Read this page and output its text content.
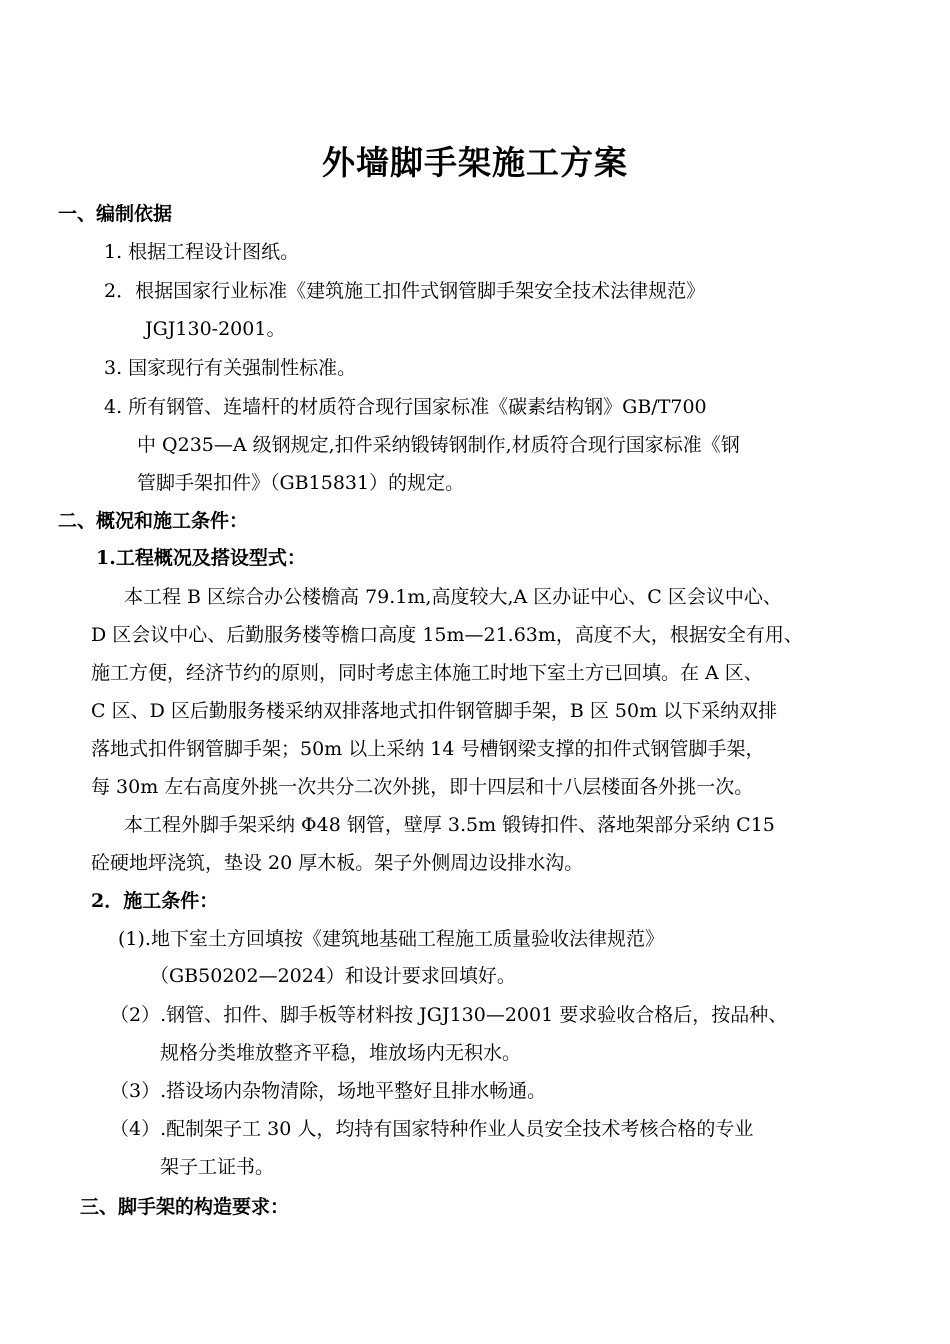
外墙脚手架施工方案
一、编制依据
1. 根据工程设计图纸。
2．根据国家行业标准《建筑施工扣件式钢管脚手架安全技术法律规范》
JGJ130-2001。
3. 国家现行有关强制性标准。
4. 所有钢管、连墙杆的材质符合现行国家标准《碳素结构钢》GB/T700
中 Q235—A 级钢规定,扣件采纳锻铸钢制作,材质符合现行国家标准《钢
管脚手架扣件》（GB15831）的规定。
二、概况和施工条件：
1.工程概况及搭设型式：
本工程 B 区综合办公楼檐高 79.1m,高度较大,A 区办证中心、C 区会议中心、
D 区会议中心、后勤服务楼等檐口高度 15m—21.63m，高度不大，根据安全有用、
施工方便，经济节约的原则，同时考虑主体施工时地下室土方已回填。在 A 区、
C 区、D 区后勤服务楼采纳双排落地式扣件钢管脚手架，B 区 50m 以下采纳双排
落地式扣件钢管脚手架；50m 以上采纳 14 号槽钢梁支撑的扣件式钢管脚手架，
每 30m 左右高度外挑一次共分二次外挑，即十四层和十八层楼面各外挑一次。
本工程外脚手架采纳 Φ48 钢管，壁厚 3.5m 锻铸扣件、落地架部分采纳 C15
砼硬地坪浇筑，垫设 20 厚木板。架子外侧周边设排水沟。
2．施工条件：
(1).地下室土方回填按《建筑地基础工程施工质量验收法律规范》
（GB50202—2024）和设计要求回填好。
（2）.钢管、扣件、脚手板等材料按 JGJ130—2001 要求验收合格后，按品种、
规格分类堆放整齐平稳，堆放场内无积水。
（3）.搭设场内杂物清除，场地平整好且排水畅通。
（4）.配制架子工 30 人，均持有国家特种作业人员安全技术考核合格的专业
架子工证书。
三、脚手架的构造要求：
